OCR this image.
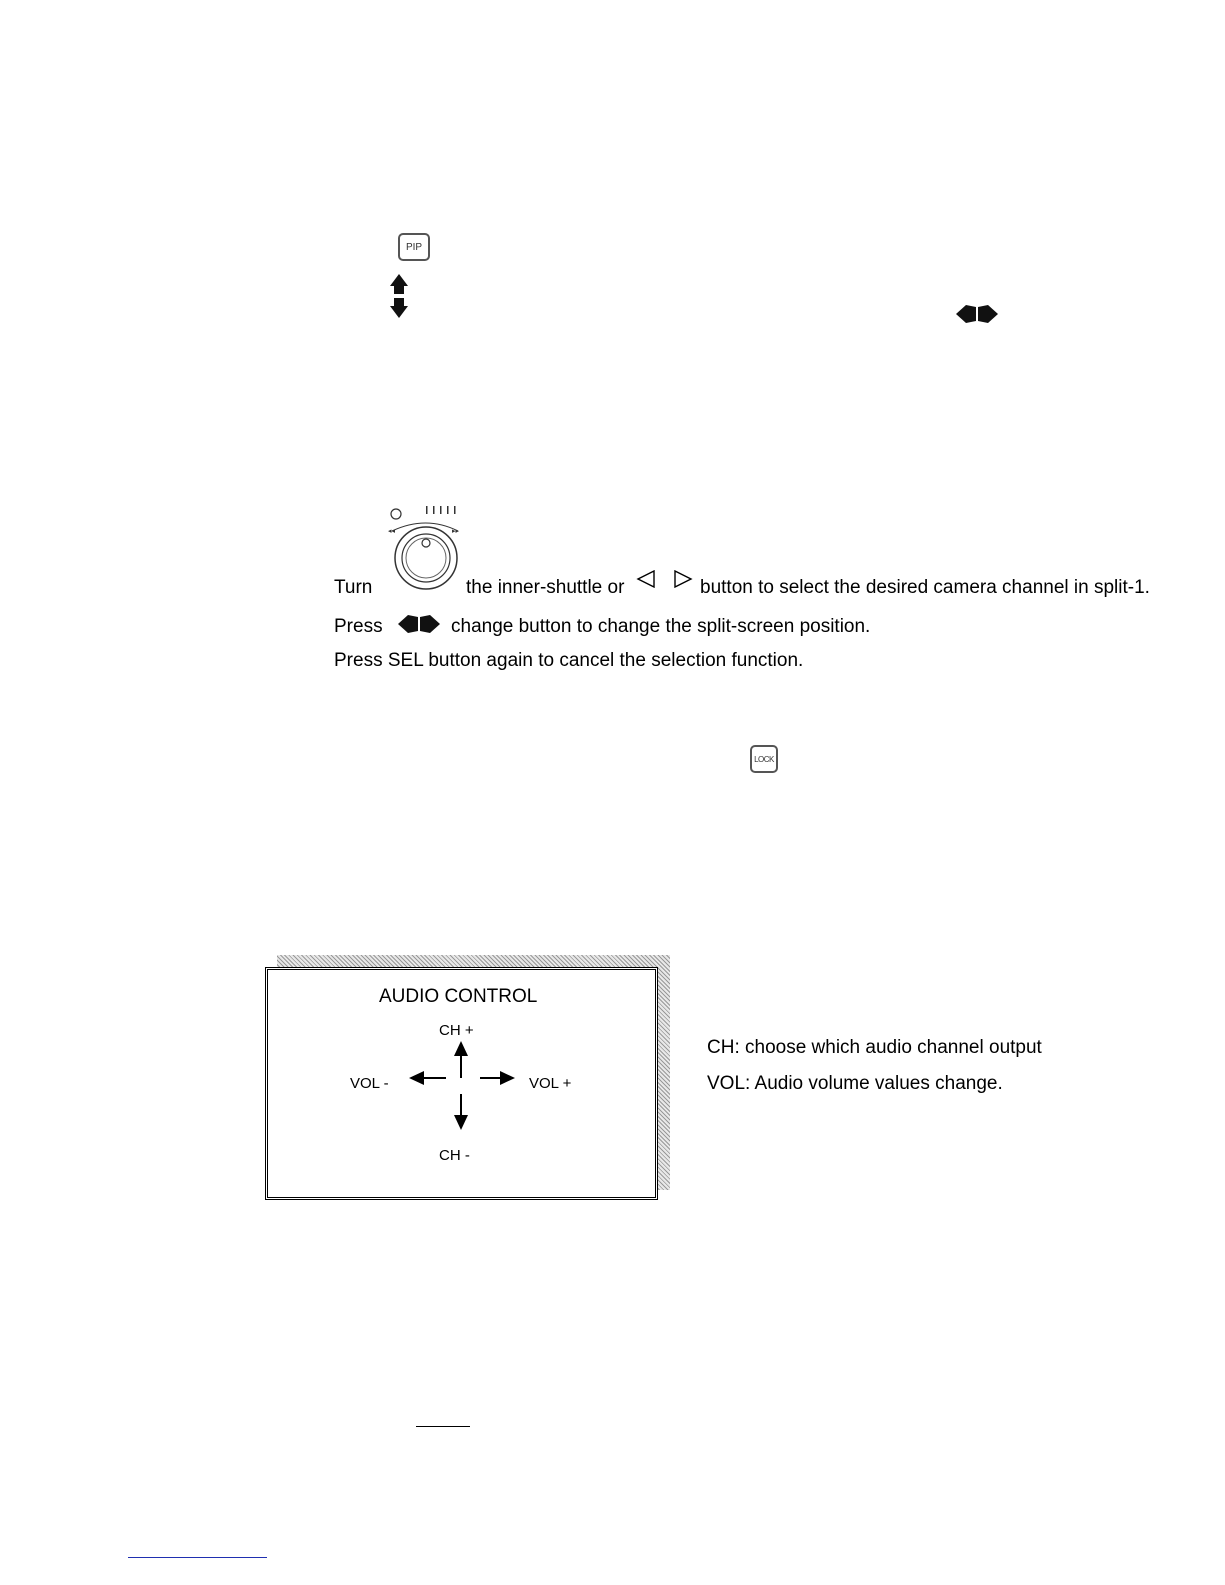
PIP
◂◂	▸▸
Turn	the inner-shuttle or	button to select the desired camera channel in split-1.
Press	change button to change the split-screen position.
Press SEL button again to cancel the selection function.
LOCK
AUDIO CONTROL
CH +
VOL -	VOL +
CH -
CH: choose which audio channel output
VOL: Audio volume values change.
